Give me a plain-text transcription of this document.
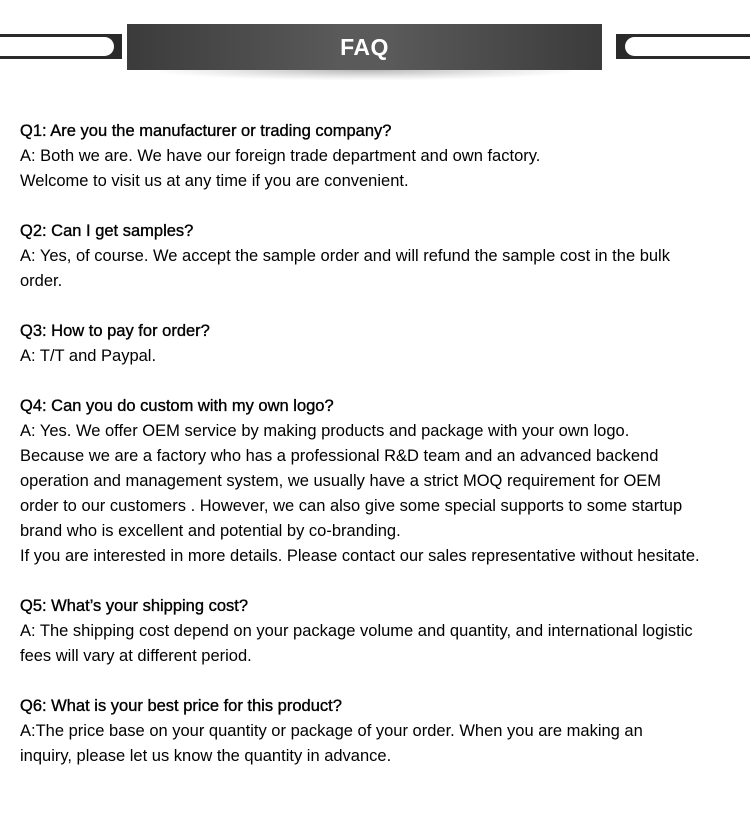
FAQ

Q1: Are you the manufacturer or trading company?

A: Both we are. We have our foreign trade department and own factory.

Welcome to visit us at any time if you are convenient.

Q2: Can I get samples?

A: Yes, of course. We accept the sample order and will refund the sample cost in the bulk

order.

Q3: How to pay for order?

A: T/T and Paypal.

Q4: Can you do custom with my own logo?

A: Yes. We offer OEM service by making products and package with your own logo.

Because we are a factory who has a professional R&D team and an advanced backend

operation and management system, we usually have a strict MOQ requirement for OEM

order to our customers . However, we can also give some special supports to some startup

brand who is excellent and potential by co-branding.

If you are interested in more details. Please contact our sales representative without hesitate.

Q5: What’s your shipping cost?

A: The shipping cost depend on your package volume and quantity, and international logistic

fees will vary at different period.

Q6: What is your best price for this product?

A:The price base on your quantity or package of your order. When you are making an

inquiry, please let us know the quantity in advance.
